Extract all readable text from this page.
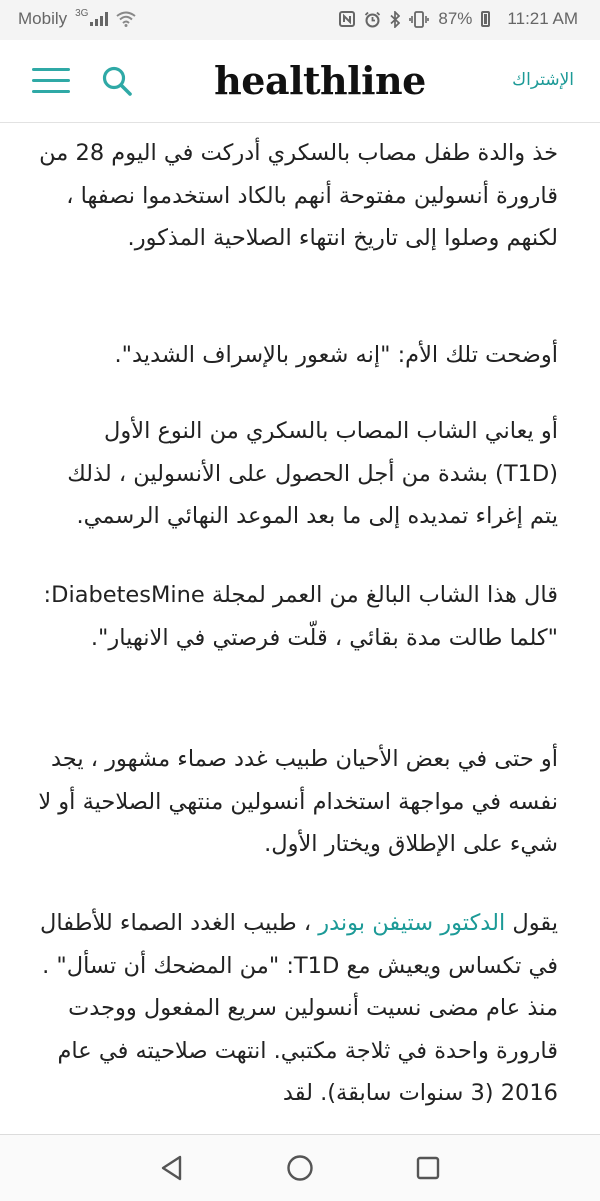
Mobily 3G	87% 11:21 AM
healthline	الإشتراك

خذ والدة طفل مصاب بالسكري أدركت في اليوم 28 من قارورة أنسولين مفتوحة أنهم بالكاد استخدموا نصفها ، لكنهم وصلوا إلى تاريخ انتهاء الصلاحية المذكور.

أوضحت تلك الأم: "إنه شعور بالإسراف الشديد".

أو يعاني الشاب المصاب بالسكري من النوع الأول (T1D) بشدة من أجل الحصول على الأنسولين ، لذلك يتم إغراء تمديده إلى ما بعد الموعد النهائي الرسمي.

قال هذا الشاب البالغ من العمر لمجلة DiabetesMine: "كلما طالت مدة بقائي ، قلّت فرصتي في الانهيار".

أو حتى في بعض الأحيان طبيب غدد صماء مشهور ، يجد نفسه في مواجهة استخدام أنسولين منتهي الصلاحية أو لا شيء على الإطلاق ويختار الأول.

يقول الدكتور ستيفن بوندر ، طبيب الغدد الصماء للأطفال في تكساس ويعيش مع T1D: "من المضحك أن تسأل" . منذ عام مضى نسيت أنسولين سريع المفعول ووجدت قارورة واحدة في ثلاجة مكتبي. انتهت صلاحيته في عام 2016 (3 سنوات سابقة). لقد
